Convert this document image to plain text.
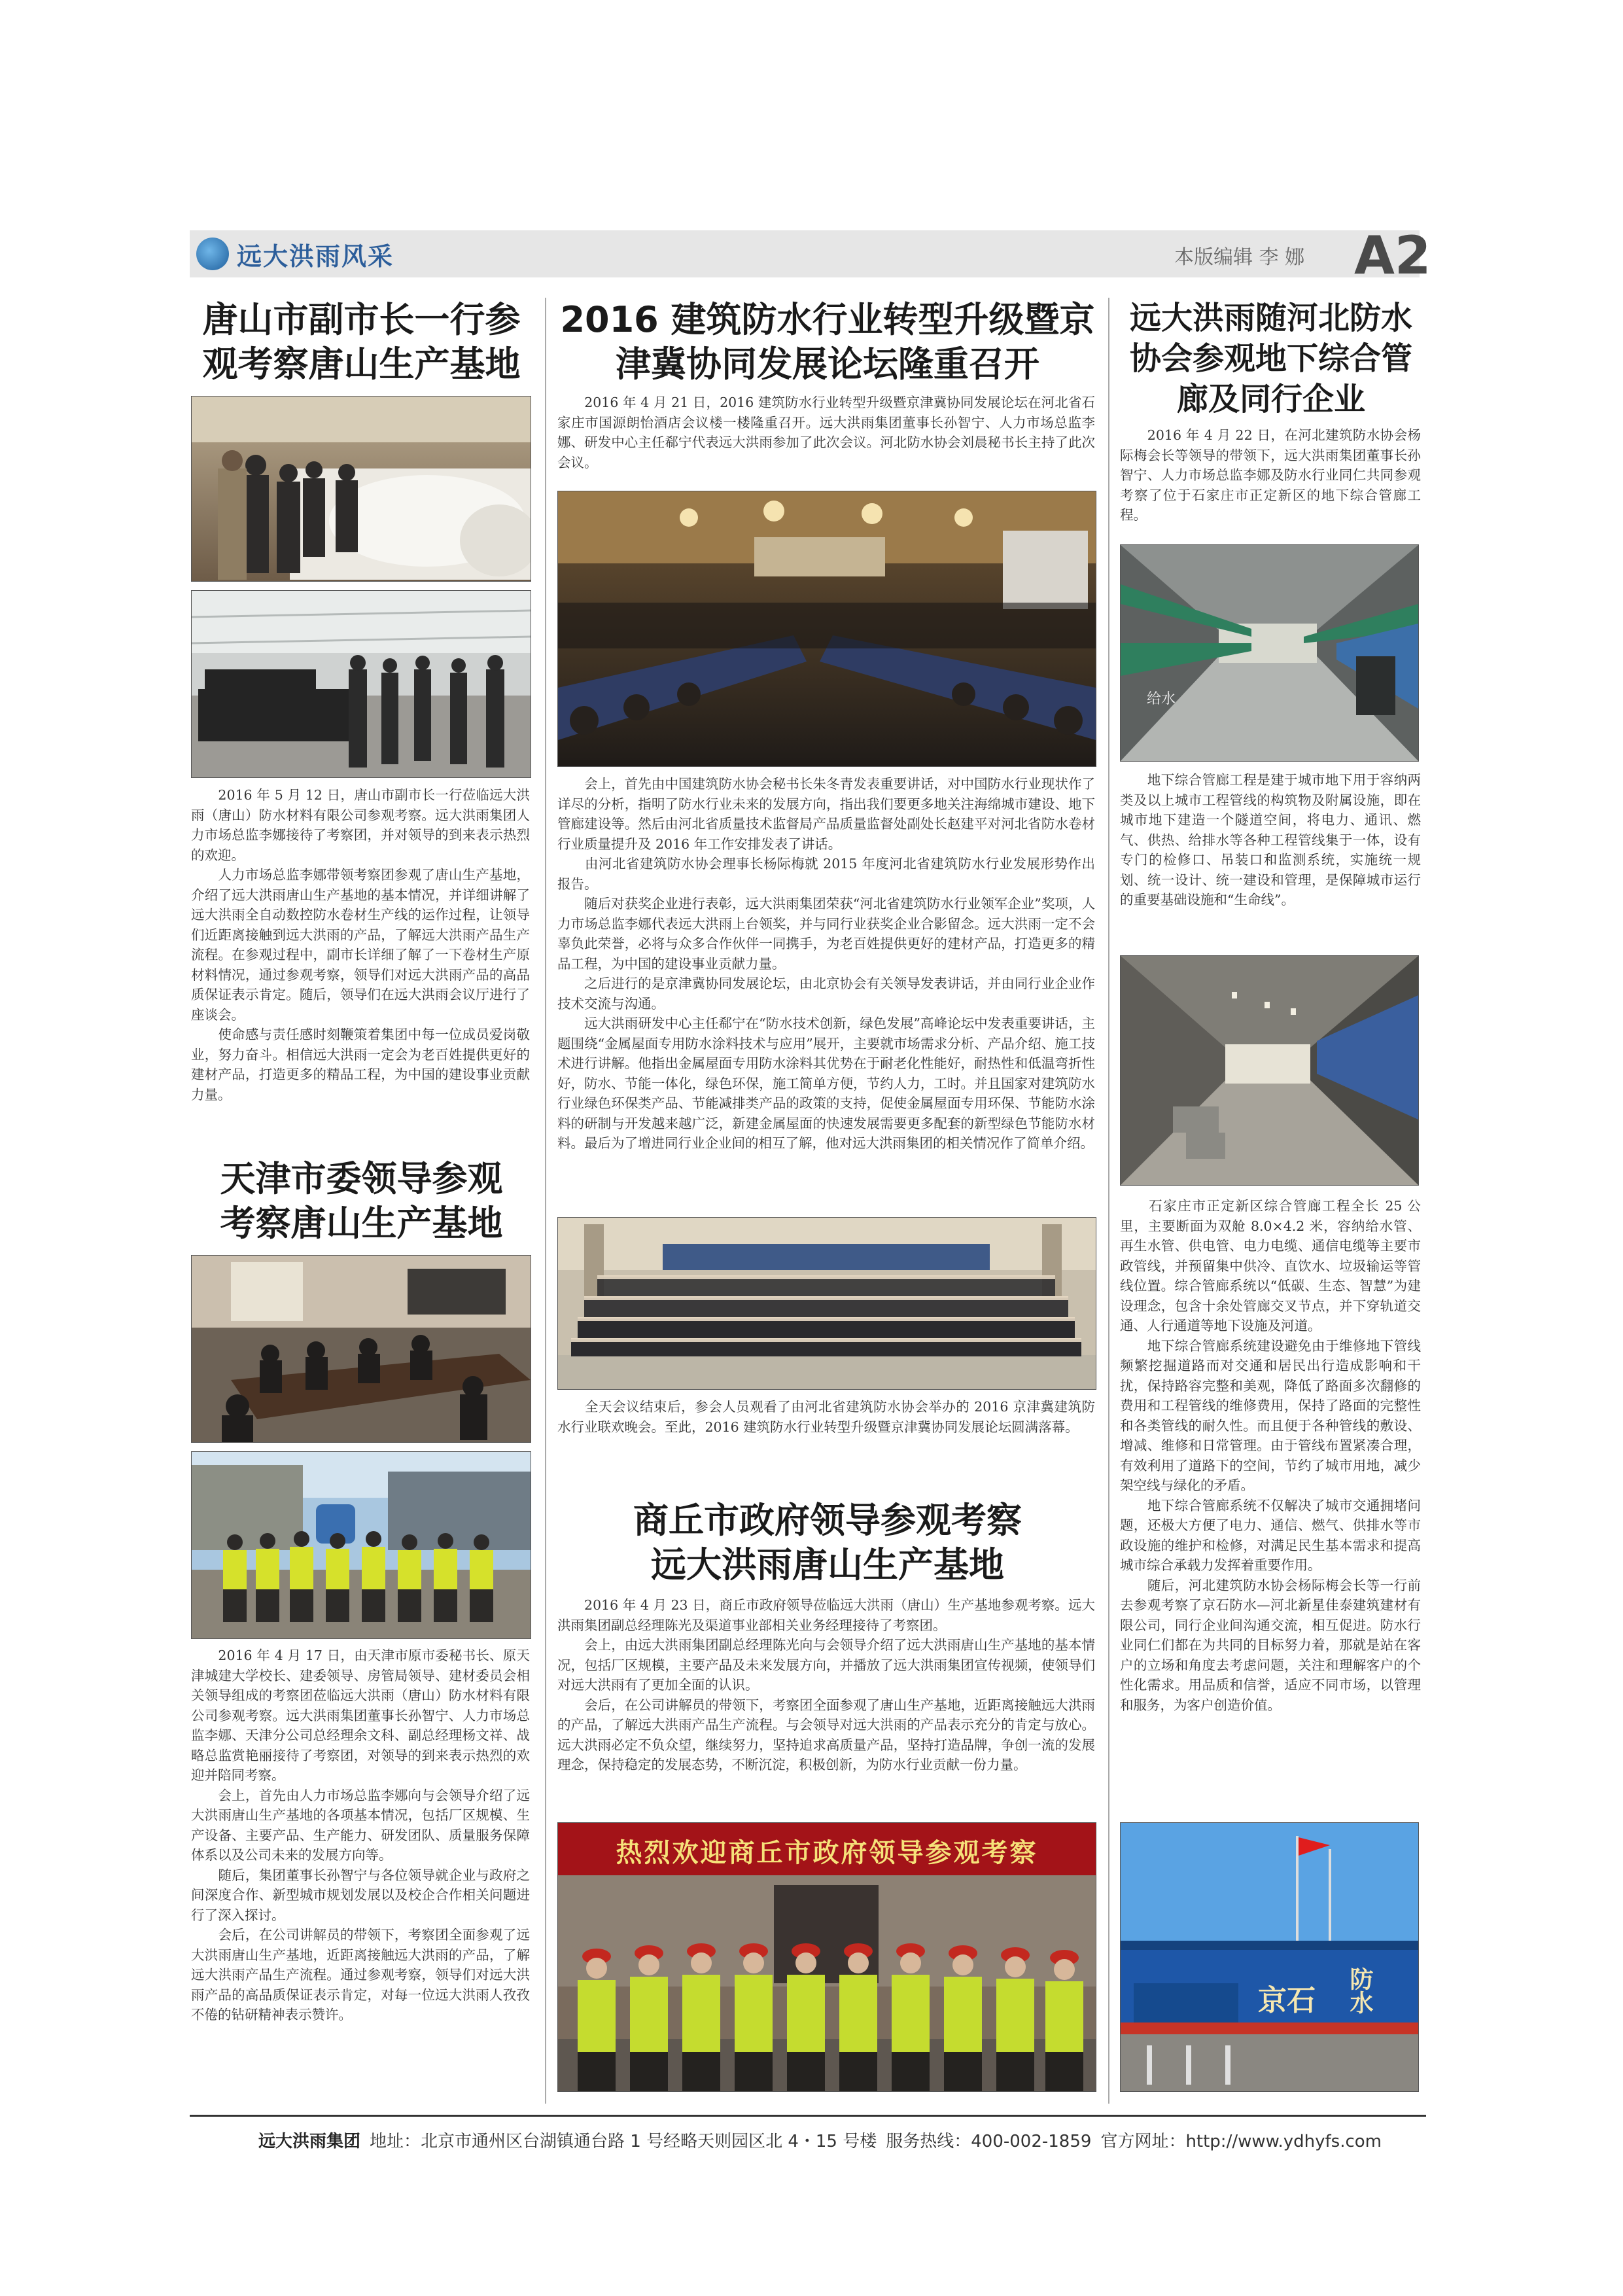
远大洪雨风采	本版编辑 李 娜 A2
唐山市副市长一行参
观考察唐山生产基地
　　2016 年 5 月 12 日，唐山市副市长一行莅临远大洪雨（唐山）防水材料有限公司参观考察。远大洪雨集团人力市场总监李娜接待了考察团，并对领导的到来表示热烈的欢迎。
　　人力市场总监李娜带领考察团参观了唐山生产基地，介绍了远大洪雨唐山生产基地的基本情况，并详细讲解了远大洪雨全自动数控防水卷材生产线的运作过程，让领导们近距离接触到远大洪雨的产品，了解远大洪雨产品生产流程。在参观过程中，副市长详细了解了一下卷材生产原材料情况，通过参观考察，领导们对远大洪雨产品的高品质保证表示肯定。随后，领导们在远大洪雨会议厅进行了座谈会。
　　使命感与责任感时刻鞭策着集团中每一位成员爱岗敬业，努力奋斗。相信远大洪雨一定会为老百姓提供更好的建材产品，打造更多的精品工程，为中国的建设事业贡献力量。
天津市委领导参观
考察唐山生产基地
　　2016 年 4 月 17 日，由天津市原市委秘书长、原天津城建大学校长、建委领导、房管局领导、建材委员会相关领导组成的考察团莅临远大洪雨（唐山）防水材料有限公司参观考察。远大洪雨集团董事长孙智宁、人力市场总监李娜、天津分公司总经理余文科、副总经理杨文祥、战略总监赏艳丽接待了考察团，对领导的到来表示热烈的欢迎并陪同考察。
　　会上，首先由人力市场总监李娜向与会领导介绍了远大洪雨唐山生产基地的各项基本情况，包括厂区规模、生产设备、主要产品、生产能力、研发团队、质量服务保障体系以及公司未来的发展方向等。
　　随后，集团董事长孙智宁与各位领导就企业与政府之间深度合作、新型城市规划发展以及校企合作相关问题进行了深入探讨。
　　会后，在公司讲解员的带领下，考察团全面参观了远大洪雨唐山生产基地，近距离接触远大洪雨的产品，了解远大洪雨产品生产流程。通过参观考察，领导们对远大洪雨产品的高品质保证表示肯定，对每一位远大洪雨人孜孜不倦的钻研精神表示赞许。
2016 建筑防水行业转型升级暨京
津冀协同发展论坛隆重召开
　　2016 年 4 月 21 日，2016 建筑防水行业转型升级暨京津冀协同发展论坛在河北省石家庄市国源朗怡酒店会议楼一楼隆重召开。远大洪雨集团董事长孙智宁、人力市场总监李娜、研发中心主任郗宁代表远大洪雨参加了此次会议。河北防水协会刘晨秘书长主持了此次会议。
　　会上，首先由中国建筑防水协会秘书长朱冬青发表重要讲话，对中国防水行业现状作了详尽的分析，指明了防水行业未来的发展方向，指出我们要更多地关注海绵城市建设、地下管廊建设等。然后由河北省质量技术监督局产品质量监督处副处长赵建平对河北省防水卷材行业质量提升及 2016 年工作安排发表了讲话。
　　由河北省建筑防水协会理事长杨际梅就 2015 年度河北省建筑防水行业发展形势作出报告。
　　随后对获奖企业进行表彰，远大洪雨集团荣获“河北省建筑防水行业领军企业”奖项，人力市场总监李娜代表远大洪雨上台领奖，并与同行业获奖企业合影留念。远大洪雨一定不会辜负此荣誉，必将与众多合作伙伴一同携手，为老百姓提供更好的建材产品，打造更多的精品工程，为中国的建设事业贡献力量。
　　之后进行的是京津冀协同发展论坛，由北京协会有关领导发表讲话，并由同行业企业作技术交流与沟通。
　　远大洪雨研发中心主任郗宁在“防水技术创新，绿色发展”高峰论坛中发表重要讲话，主题围绕“金属屋面专用防水涂料技术与应用”展开，主要就市场需求分析、产品介绍、施工技术进行讲解。他指出金属屋面专用防水涂料其优势在于耐老化性能好，耐热性和低温弯折性好，防水、节能一体化，绿色环保，施工简单方便，节约人力，工时。并且国家对建筑防水行业绿色环保类产品、节能减排类产品的政策的支持，促使金属屋面专用环保、节能防水涂料的研制与开发越来越广泛，新建金属屋面的快速发展需要更多配套的新型绿色节能防水材料。最后为了增进同行业企业间的相互了解，他对远大洪雨集团的相关情况作了简单介绍。
　　全天会议结束后，参会人员观看了由河北省建筑防水协会举办的 2016 京津冀建筑防水行业联欢晚会。至此，2016 建筑防水行业转型升级暨京津冀协同发展论坛圆满落幕。
商丘市政府领导参观考察
远大洪雨唐山生产基地
　　2016 年 4 月 23 日，商丘市政府领导莅临远大洪雨（唐山）生产基地参观考察。远大洪雨集团副总经理陈光及渠道事业部相关业务经理接待了考察团。
　　会上，由远大洪雨集团副总经理陈光向与会领导介绍了远大洪雨唐山生产基地的基本情况，包括厂区规模，主要产品及未来发展方向，并播放了远大洪雨集团宣传视频，使领导们对远大洪雨有了更加全面的认识。
　　会后，在公司讲解员的带领下，考察团全面参观了唐山生产基地，近距离接触远大洪雨的产品，了解远大洪雨产品生产流程。与会领导对远大洪雨的产品表示充分的肯定与放心。远大洪雨必定不负众望，继续努力，坚持追求高质量产品，坚持打造品牌，争创一流的发展理念，保持稳定的发展态势，不断沉淀，积极创新，为防水行业贡献一份力量。
热烈欢迎商丘市政府领导参观考察
远大洪雨随河北防水
协会参观地下综合管
廊及同行企业
　　2016 年 4 月 22 日，在河北建筑防水协会杨际梅会长等领导的带领下，远大洪雨集团董事长孙智宁、人力市场总监李娜及防水行业同仁共同参观考察了位于石家庄市正定新区的地下综合管廊工程。
给水
　　地下综合管廊工程是建于城市地下用于容纳两类及以上城市工程管线的构筑物及附属设施，即在城市地下建造一个隧道空间，将电力、通讯、燃气、供热、给排水等各种工程管线集于一体，设有专门的检修口、吊装口和监测系统，实施统一规划、统一设计、统一建设和管理，是保障城市运行的重要基础设施和“生命线”。
　　石家庄市正定新区综合管廊工程全长 25 公里，主要断面为双舱 8.0×4.2 米，容纳给水管、再生水管、供电管、电力电缆、通信电缆等主要市政管线，并预留集中供冷、直饮水、垃圾输运等管线位置。综合管廊系统以“低碳、生态、智慧”为建设理念，包含十余处管廊交叉节点，并下穿轨道交通、人行通道等地下设施及河道。
　　地下综合管廊系统建设避免由于维修地下管线频繁挖掘道路而对交通和居民出行造成影响和干扰，保持路容完整和美观，降低了路面多次翻修的费用和工程管线的维修费用，保持了路面的完整性和各类管线的耐久性。而且便于各种管线的敷设、增减、维修和日常管理。由于管线布置紧凑合理，有效利用了道路下的空间，节约了城市用地，减少架空线与绿化的矛盾。
　　地下综合管廊系统不仅解决了城市交通拥堵问题，还极大方便了电力、通信、燃气、供排水等市政设施的维护和检修，对满足民生基本需求和提高城市综合承载力发挥着重要作用。
　　随后，河北建筑防水协会杨际梅会长等一行前去参观考察了京石防水—河北新星佳泰建筑建材有限公司，同行企业间沟通交流，相互促进。防水行业同仁们都在为共同的目标努力着，那就是站在客户的立场和角度去考虑问题，关注和理解客户的个性化需求。用品质和信誉，适应不同市场，以管理和服务，为客户创造价值。
京石 防水
远大洪雨集团 地址：北京市通州区台湖镇通台路 1 号经略天则园区北 4・15 号楼 服务热线：400-002-1859 官方网址：http://www.ydhyfs.com
